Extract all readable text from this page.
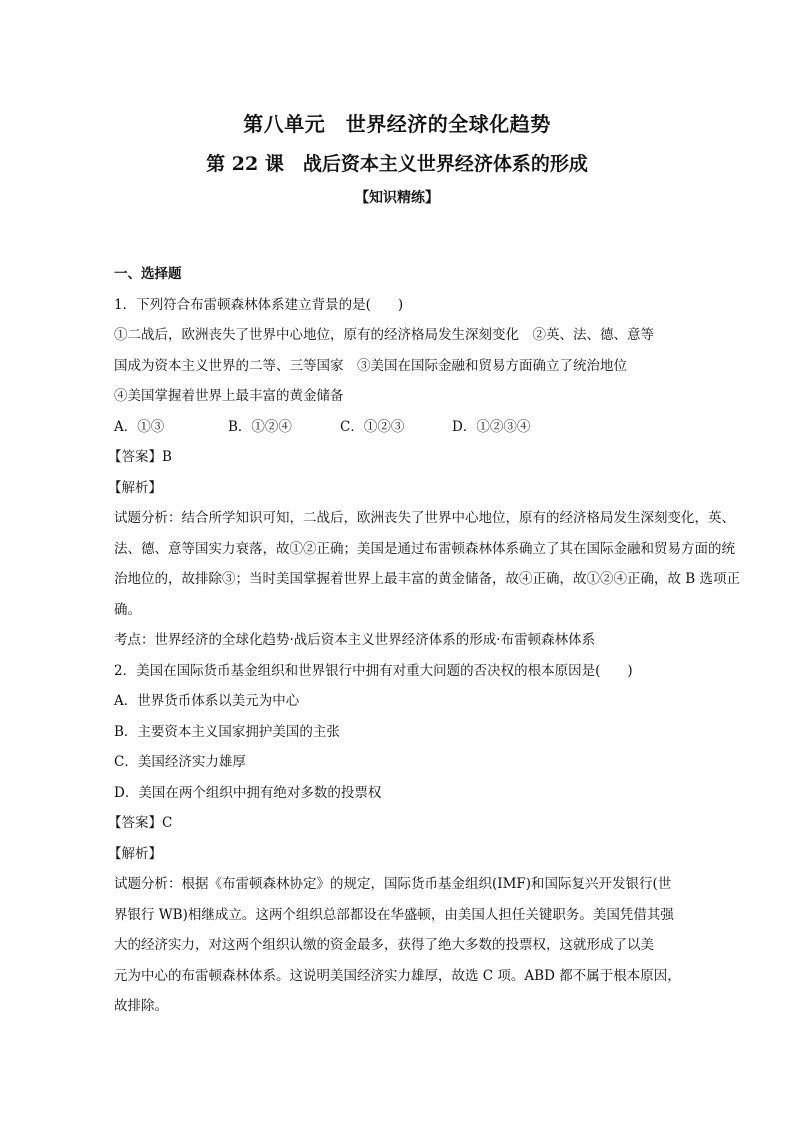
第八单元　世界经济的全球化趋势
第 22 课　战后资本主义世界经济体系的形成
【知识精练】
一、选择题
1．下列符合布雷顿森林体系建立背景的是(　　)
①二战后，欧洲丧失了世界中心地位，原有的经济格局发生深刻变化　②英、法、德、意等
国成为资本主义世界的二等、三等国家　③美国在国际金融和贸易方面确立了统治地位
④美国掌握着世界上最丰富的黄金储备
A．①③	B．①②④	C．①②③	D．①②③④
【答案】B
【解析】
试题分析：结合所学知识可知，二战后，欧洲丧失了世界中心地位，原有的经济格局发生深刻变化，英、
法、德、意等国实力衰落，故①②正确；美国是通过布雷顿森林体系确立了其在国际金融和贸易方面的统
治地位的，故排除③；当时美国掌握着世界上最丰富的黄金储备，故④正确，故①②④正确，故 B 选项正
确。
考点：世界经济的全球化趋势·战后资本主义世界经济体系的形成·布雷顿森林体系
2．美国在国际货币基金组织和世界银行中拥有对重大问题的否决权的根本原因是(　　)
A．世界货币体系以美元为中心
B．主要资本主义国家拥护美国的主张
C．美国经济实力雄厚
D．美国在两个组织中拥有绝对多数的投票权
【答案】C
【解析】
试题分析：根据《布雷顿森林协定》的规定，国际货币基金组织(IMF)和国际复兴开发银行(世
界银行 WB)相继成立。这两个组织总部都设在华盛顿，由美国人担任关键职务。美国凭借其强
大的经济实力，对这两个组织认缴的资金最多，获得了绝大多数的投票权，这就形成了以美
元为中心的布雷顿森林体系。这说明美国经济实力雄厚，故选 C 项。ABD 都不属于根本原因，
故排除。
